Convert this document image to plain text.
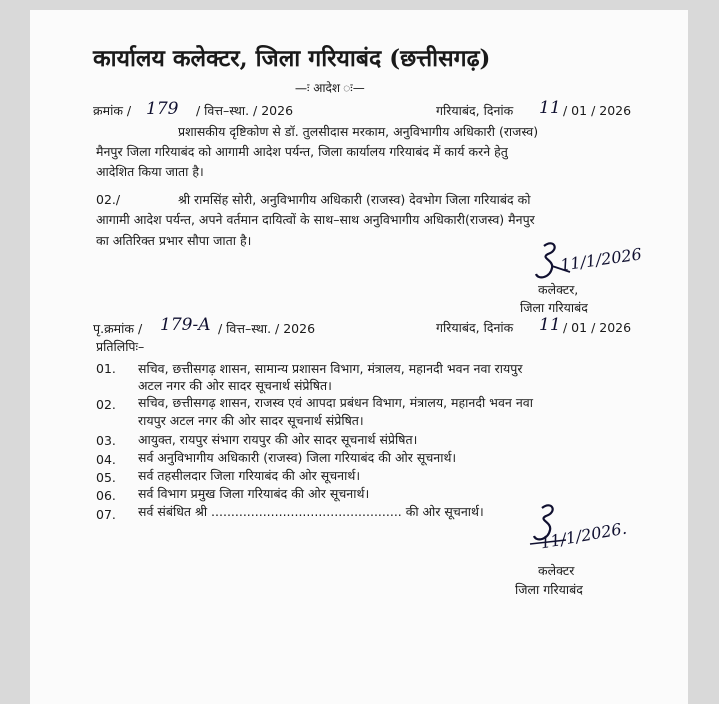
कार्यालय कलेक्टर, जिला गरियाबंद (छत्तीसगढ़)
—ः आदेश ः—
क्रमांक / 179 / वित्त–स्था. / 2026	गरियाबंद, दिनांक 11 / 01 / 2026
प्रशासकीय दृष्टिकोण से डॉ. तुलसीदास मरकाम, अनुविभागीय अधिकारी (राजस्व)
मैनपुर जिला गरियाबंद को आगामी आदेश पर्यन्त, जिला कार्यालय गरियाबंद में कार्य करने हेतु
आदेशित किया जाता है।
02./	श्री रामसिंह सोरी, अनुविभागीय अधिकारी (राजस्व) देवभोग जिला गरियाबंद को
आगामी आदेश पर्यन्त, अपने वर्तमान दायित्वों के साथ–साथ अनुविभागीय अधिकारी(राजस्व) मैनपुर
का अतिरिक्त प्रभार सौपा जाता है।
11/1/2026
कलेक्टर,
जिला गरियाबंद
पृ.क्रमांक / 179-A / वित्त–स्था. / 2026	गरियाबंद, दिनांक 11 / 01 / 2026
प्रतिलिपिः–
01.	सचिव, छत्तीसगढ़ शासन, सामान्य प्रशासन विभाग, मंत्रालय, महानदी भवन नवा रायपुर
अटल नगर की ओर सादर सूचनार्थ संप्रेषित।
02.	सचिव, छत्तीसगढ़ शासन, राजस्व एवं आपदा प्रबंधन विभाग, मंत्रालय, महानदी भवन नवा
रायपुर अटल नगर की ओर सादर सूचनार्थ संप्रेषित।
03.	आयुक्त, रायपुर संभाग रायपुर की ओर सादर सूचनार्थ संप्रेषित।
04.	सर्व अनुविभागीय अधिकारी (राजस्व) जिला गरियाबंद की ओर सूचनार्थ।
05.	सर्व तहसीलदार जिला गरियाबंद की ओर सूचनार्थ।
06.	सर्व विभाग प्रमुख जिला गरियाबंद की ओर सूचनार्थ।
07.	सर्व संबंधित श्री ................................................ की ओर सूचनार्थ।
11/1/2026.
कलेक्टर
जिला गरियाबंद
